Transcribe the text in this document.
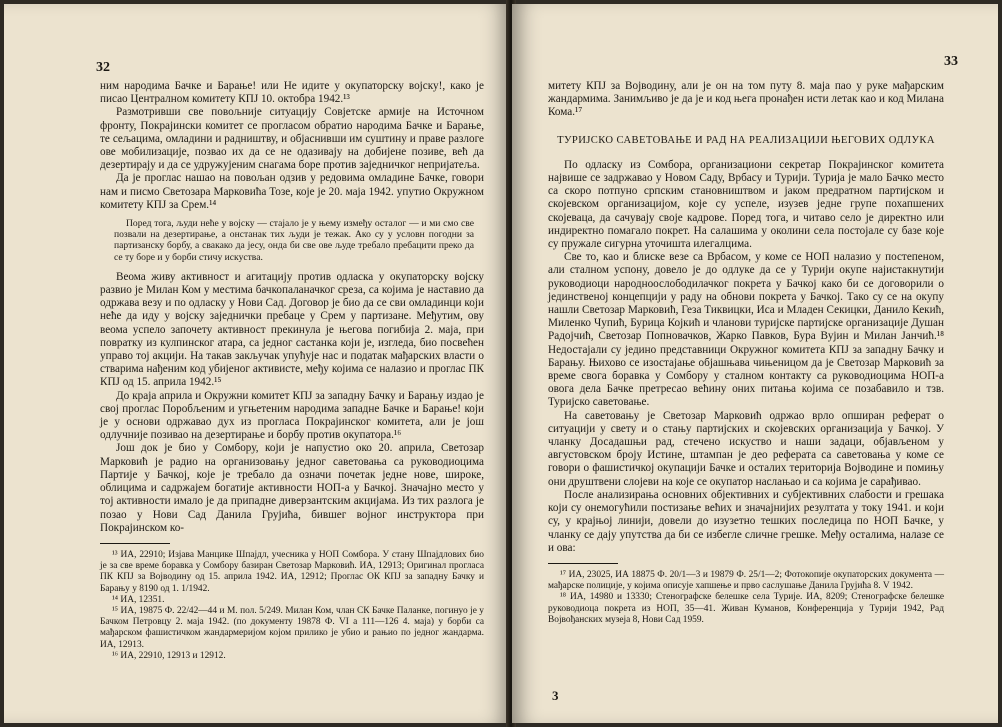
32

ним народима Бачке и Барање! или Не идите у окупаторску војску!, како је писао Централном комитету КПЈ 10. октобра 1942.¹³

Размотривши све повољније ситуацију Совјетске армије на Источном фронту, Покрајински комитет се прогласом обратио народима Бачке и Барање, те сељацима, омладини и радништву, и објаснивши им суштину и праве разлоге ове мобилизације, позвао их да се не одазивају на добијене позиве, већ да дезертирају и да се удружујеним снагама боре против заједничког непријатеља.

Да је проглас нашао на повољан одзив у редовима омладине Бачке, говори нам и писмо Светозара Марковића Тозе, које је 20. маја 1942. упутио Окружном комитету КПЈ за Срем.¹⁴

Поред тога, људи неће у војску — стајало је у њему између осталог — и ми смо све позвали на дезертирање, а онстанак тих људи је тежак. Ако су у условн погодни за партизанску борбу, а свакако да јесу, онда би све ове људе требало пребацити преко да се ту боре и у борби стичу искуства.

Веома живу активност и агитацију против одласка у окупаторску војску развио је Милан Ком у местима бачкопаланачког среза, са којима је наставио да одржава везу и по одласку у Нови Сад. Договор је био да се сви омладинци који неће да иду у војску заједнички пребаце у Срем у партизане. Међутим, ову веома успело започету активност прекинула је његова погибија 2. маја, при повратку из кулпинског атара, са једног састанка који је, изгледа, био посвећен управо тој акцији. На такав закључак упућује нас и податак мађарских власти о стварима нађеним код убијеног активисте, међу којима се налазио и проглас ПК КПЈ од 15. априла 1942.¹⁵

До краја априла и Окружни комитет КПЈ за западну Бачку и Барању издао је свој проглас Поробљеним и угњетеним народима западне Бачке и Барање! који је у основи одржавао дух из прогласа Покрајинског комитета, али је још одлучније позивао на дезертирање и борбу против окупатора.¹⁶

Још док је био у Сомбору, који је напустио око 20. априла, Светозар Марковић је радио на организовању једног саветовања са руководиоцима Партије у Бачкој, које је требало да означи почетак једне нове, широке, облицима и садржајем богатије активности НОП-а у Бачкој. Значајно место у тој активности имало је да припадне диверзантским акцијама. Из тих разлога је позао у Нови Сад Данила Грујића, бившег војног инструктора при Покрајинском ко-

¹³ ИА, 22910; Изјава Манцике Шпајдл, учесника у НОП Сомбора. У стану Шпајдлових био је за све време боравка у Сомбору базиран Светозар Марковић. ИА, 12913; Оригинал прогласа ПК КПЈ за Војводину од 15. априла 1942. ИА, 12912; Проглас ОК КПЈ за западну Бачку и Барању у 8190 од 1. 1/1942.

¹⁴ ИА, 12351.

¹⁵ ИА, 19875 Ф. 22/42—44 и М. пол. 5/249. Милан Ком, члан СК Бачке Паланке, погинуо је у Бачком Петровцу 2. маја 1942. (по документу 19878 Ф. VI а 111—126 4. маја) у борби са мађарском фашистичком жандармеријом којом прилико је убио и рањио по једног жандарма. ИА, 12913.

¹⁶ ИА, 22910, 12913 и 12912.

33

митету КПЈ за Војводину, али је он на том путу 8. маја пао у руке мађарским жандармима. Занимљиво је да је и код њега пронађен исти летак као и код Милана Кома.¹⁷

ТУРИЈСКО САВЕТОВАЊЕ И РАД НА РЕАЛИЗАЦИЈИ ЊЕГОВИХ ОДЛУКА

По одласку из Сомбора, организациони секретар Покрајинског комитета највише се задржавао у Новом Саду, Врбасу и Турији. Турија је мало Бачко место са скоро потпуно српским становништвом и јаком предратном партијском и скојевском организацијом, које су успеле, изузев једне групе похапшених скојеваца, да сачувају своје кадрове. Поред тога, и читаво село је директно или индиректно помагало покрет. На салашима у околини села постојале су базе које су пружале сигурна уточишта илегалцима.

Све то, као и блиске везе са Врбасом, у коме се НОП налазио у постепеном, али сталном успону, довело је до одлуке да се у Турији окупе најистакнутији руководиоци народноослободилачког покрета у Бачкој како би се договорили о јединственој концепцији у раду на обнови покрета у Бачкој. Тако су се на окупу нашли Светозар Марковић, Геза Тиквицки, Иса и Младен Секицки, Данило Кекић, Миленко Чупић, Бурица Којкић и чланови туријске партијске организације Душан Радојчић, Светозар Попновачков, Жарко Павков, Бура Вујин и Милан Јанчић.¹⁸ Недостајали су једино представници Окружног комитета КПЈ за западну Бачку и Барању. Њихово се изостајање објашњава чињеницом да је Светозар Марковић за време свога боравка у Сомбору у сталном контакту са руководиоцима НОП-а овога дела Бачке претресао већину оних питања којима се позабавило и тзв. Туријско саветовање.

На саветовању је Светозар Марковић одржао врло опширан реферат о ситуацији у свету и о стању партијских и скојевских организација у Бачкој. У чланку Досадашњи рад, стечено искуство и наши задаци, објављеном у августовском броју Истине, штампан је део реферата са саветовања у коме се говори о фашистичкој окупацији Бачке и осталих територија Војводине и помињу они друштвени слојеви на које се окупатор наслањао и са којима је сарађивао.

После анализирања основних објективних и субјективних слабости и грешака који су онемогућили постизање већих и значајнијих резултата у току 1941. и који су, у крајњој линији, довели до изузетно тешких последица по НОП Бачке, у чланку се дају упутства да би се избегле сличне грешке. Међу осталима, налазе се и ова:

¹⁷ ИА, 23025, ИА 18875 Ф. 20/1—3 и 19879 Ф. 25/1—2; Фотокопије окупаторских документа — мађарске полиције, у којима описује хапшење и прво саслушање Данила Грујића 8. V 1942.

¹⁸ ИА, 14980 и 13330; Стенографске белешке села Турије. ИА, 8209; Стенографске белешке руководиоца покрета из НОП, 35—41. Живан Куманов, Конференција у Турији 1942, Рад Војвођанских музеја 8, Нови Сад 1959.

3
